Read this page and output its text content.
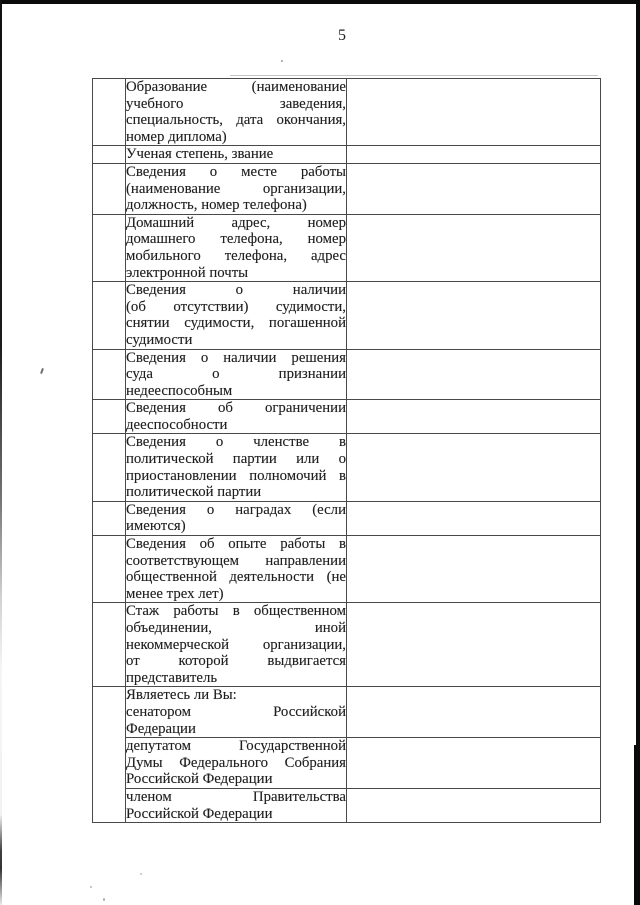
5

	Образование (наименование
учебного заведения,
специальность, дата окончания,
номер диплома)	

	Ученая степень, звание	

	Сведения о месте работы
(наименование организации,
должность, номер телефона)	

	Домашний адрес, номер
домашнего телефона, номер
мобильного телефона, адрес
электронной почты	

	Сведения о наличии
(об отсутствии) судимости,
снятии судимости, погашенной
судимости	

	Сведения о наличии решения
суда о признании
недееспособным	

	Сведения об ограничении
дееспособности	

	Сведения о членстве в
политической партии или о
приостановлении полномочий в
политической партии	

	Сведения о наградах (если
имеются)	

	Сведения об опыте работы в
соответствующем направлении
общественной деятельности (не
менее трех лет)	

	Стаж работы в общественном
объединении, иной
некоммерческой организации,
от которой выдвигается
представитель	

	Являетесь ли Вы:
сенатором Российской
Федерации	

	депутатом Государственной
Думы Федерального Собрания
Российской Федерации	

	членом Правительства
Российской Федерации	
